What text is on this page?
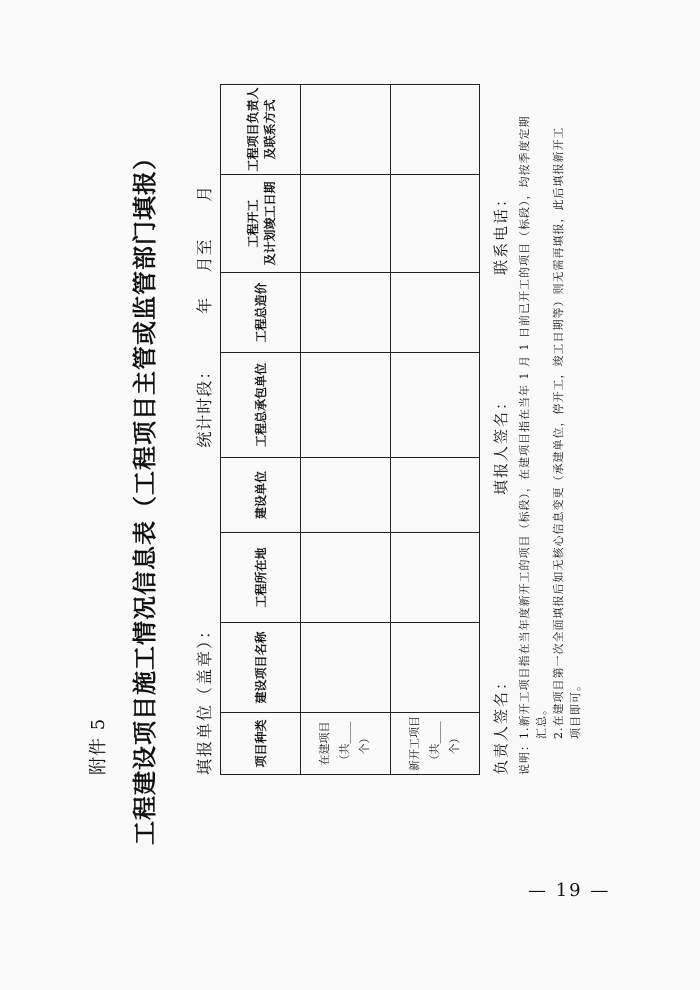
附件 5 工程建设项目施工情况信息表（工程项目主管或监管部门填报） 填报单位（盖章）：
统计时段：        年    月至      月
项目种类	建设项目名称	工程所在地	建设单位	工程总承包单位	工程总造价	工程开工 及计划竣工日期	工程项目负责人 及联系方式
在建项目 （共____个）							
新开工项目 （共____个）							负责人签名：
填报人签名：
联系电话： 说明：1.新开工项目指在当年度新开工的项目（标段），在建项目指在当年 1 月 1 日前已开工的项目（标段），均按季度定期 汇总。 2.在建项目第一次全面填报后如无核心信息变更（承建单位，停开工，竣工日期等）则无需再填报，此后填报新开工 项目即可。
— 19 —
